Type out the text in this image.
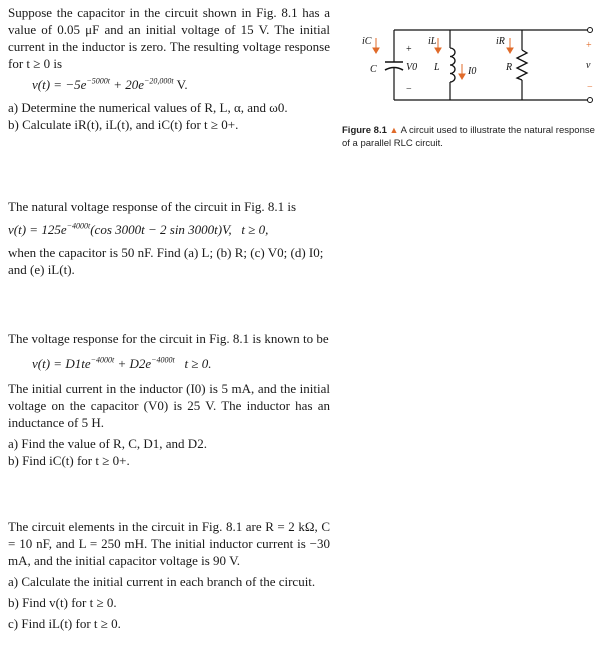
Suppose the capacitor in the circuit shown in Fig. 8.1 has a value of 0.05 μF and an initial voltage of 15 V. The initial current in the inductor is zero. The resulting voltage response for t ≥ 0 is

$v(t) = -5e^{-5000t} + 20e^{-20,000t}$ V.

a) Determine the numerical values of R, L, α, and ω0.

b) Calculate iR(t), iL(t), and iC(t) for t ≥ 0+.

The natural voltage response of the circuit in Fig. 8.1 is

$v(t) = 125e^{-4000t}(\cos$ 3000t − 2 sin 3000t)V, t ≥ 0,

when the capacitor is 50 nF. Find (a) L; (b) R; (c) V0; (d) I0; and (e) iL(t).

The voltage response for the circuit in Fig. 8.1 is known to be

$v(t) = D1te^{-4000t} + D2e^{-4000t}$ t ≥ 0.

The initial current in the inductor (I0) is 5 mA, and the initial voltage on the capacitor (V0) is 25 V. The inductor has an inductance of 5 H.

a) Find the value of R, C, D1, and D2.

b) Find iC(t) for t ≥ 0+.

The circuit elements in the circuit in Fig. 8.1 are R = 2 kΩ, C = 10 nF, and L = 250 mH. The initial inductor current is −30 mA, and the initial capacitor voltage is 90 V.

a) Calculate the initial current in each branch of the circuit.

b) Find v(t) for t ≥ 0.

c) Find iL(t) for t ≥ 0.

iC
C	V0
iL
L	I0
iR
R	v
+
−
+
−
Figure 8.1 ▲ A circuit used to illustrate the natural response of a parallel RLC circuit.
